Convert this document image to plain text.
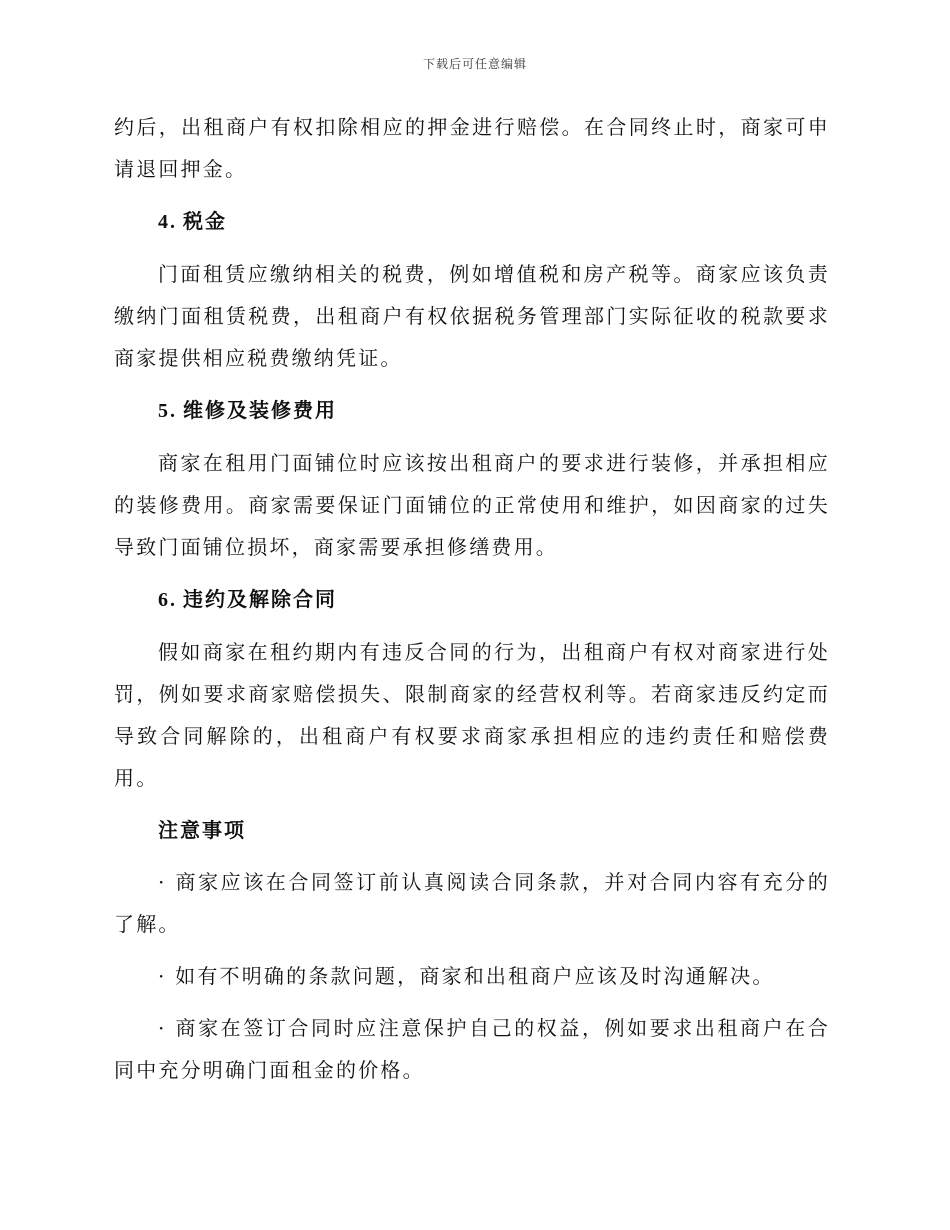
下载后可任意编辑

约后，出租商户有权扣除相应的押金进行赔偿。在合同终止时，商家可申请退回押金。

4. 税金

门面租赁应缴纳相关的税费，例如增值税和房产税等。商家应该负责缴纳门面租赁税费，出租商户有权依据税务管理部门实际征收的税款要求商家提供相应税费缴纳凭证。

5. 维修及装修费用

商家在租用门面铺位时应该按出租商户的要求进行装修，并承担相应的装修费用。商家需要保证门面铺位的正常使用和维护，如因商家的过失导致门面铺位损坏，商家需要承担修缮费用。

6. 违约及解除合同

假如商家在租约期内有违反合同的行为，出租商户有权对商家进行处罚，例如要求商家赔偿损失、限制商家的经营权利等。若商家违反约定而导致合同解除的，出租商户有权要求商家承担相应的违约责任和赔偿费用。

注意事项

· 商家应该在合同签订前认真阅读合同条款，并对合同内容有充分的了解。

· 如有不明确的条款问题，商家和出租商户应该及时沟通解决。

· 商家在签订合同时应注意保护自己的权益，例如要求出租商户在合同中充分明确门面租金的价格。
